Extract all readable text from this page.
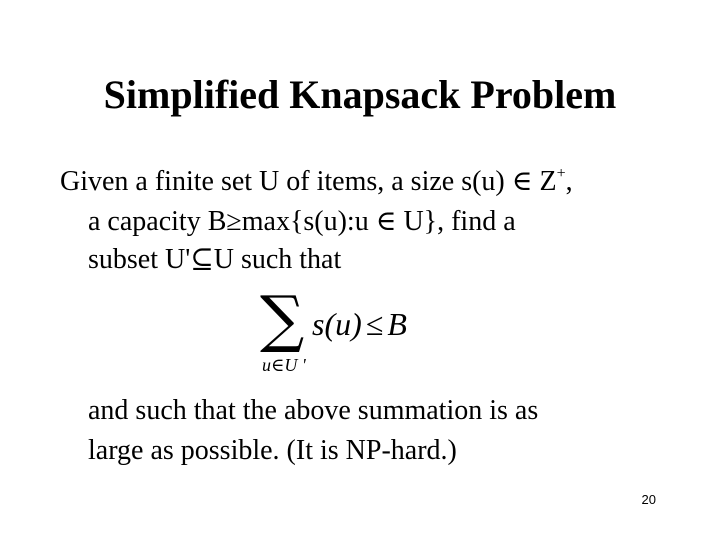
Simplified Knapsack Problem
Given a finite set U of items, a size s(u) ∈ Z+,
a capacity B≥max{s(u):u ∈ U}, find a
subset U'⊆U such that
∑
u∈U '
s(u) ≤ B
and such that the above summation is as
large as possible. (It is NP-hard.)
20
